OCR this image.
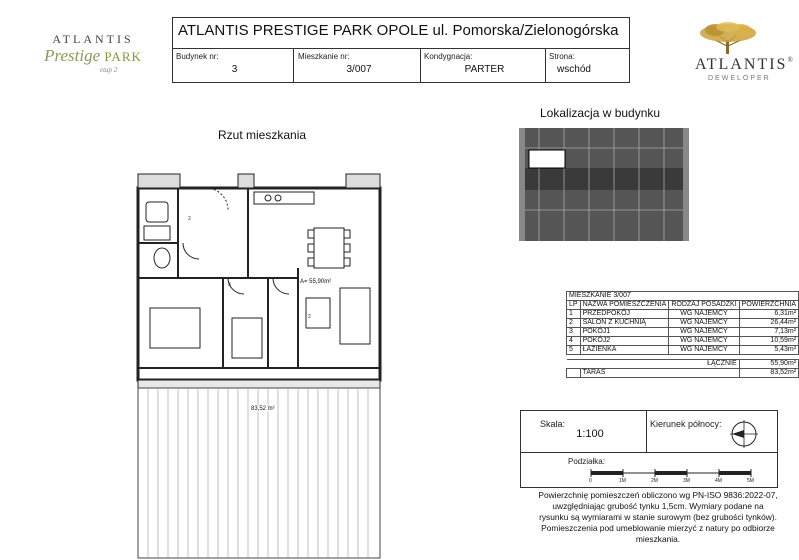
ATLANTIS
Prestige PARK
etap 2
ATLANTIS PRESTIGE PARK OPOLE ul. Pomorska/Zielonogórska
Budynek nr:
3
Mieszkanie nr:
3/007
Kondygnacja:
PARTER
Strona:
wschód	ATLANTIS®
DEWELOPER
Rzut mieszkania
2
3
2
A= 55,90m²
83,52 m²
Lokalizacja w budynku
MIESZKANIE 3/007			
LP	NAZWA POMIESZCZENIA	RODZAJ POSADZKI	POWIERZCHNIA
1	PRZEDPOKÓJ	WG NAJEMCY	6,31m²
2	SALON Z KUCHNIĄ	WG NAJEMCY	26,44m²
3	POKÓJ1	WG NAJEMCY	7,13m²
4	POKÓJ2	WG NAJEMCY	10,59m²
5	ŁAZIENKA	WG NAJEMCY	5,43m²

ŁĄCZNIE			55,90m²
	TARAS		83,52m²
Skala:
1:100
Kierunek północy:
Podziałka:
0	1M	2M	3M	4M	5M
Powierzchnię pomieszczeń obliczono wg PN-ISO 9836:2022-07, uwzględniając grubość tynku 1,5cm. Wymiary podane na rysunku są wymiarami w stanie surowym (bez grubości tynków). Pomieszczenia pod umeblowanie mierzyć z natury po odbiorze mieszkania.
